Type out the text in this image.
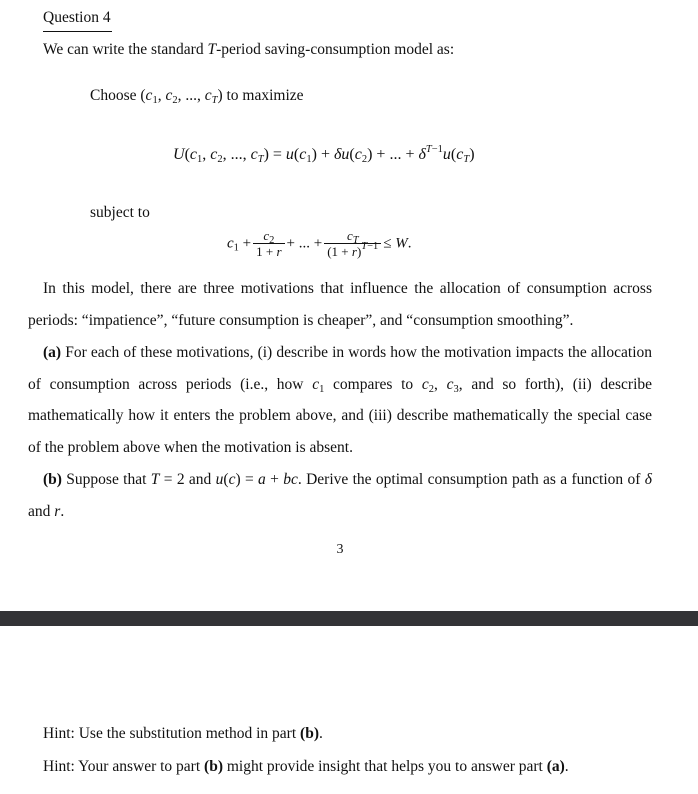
Question 4
We can write the standard T-period saving-consumption model as:
Choose ($c_1$, $c_2$, ..., $c_T$) to maximize
$U(c_1$, $c_2$, ..., $c_T) = u(c_1) + \delta u(c_2)$ + ... + $\delta^{T-1}u(c_T)$
subject to
$c_1 + \frac{c_2}{1 + r}$ + ... + $\frac{c_T}{(1 + r)^{T-1}} \le W$.
In this model, there are three motivations that influence the allocation of consumption across periods: “impatience”, “future consumption is cheaper”, and “consumption smoothing”.
(a) For each of these motivations, (i) describe in words how the motivation impacts the allocation of consumption across periods (i.e., how $c_1$ compares to $c_2$, $c_3$, and so forth), (ii) describe mathematically how it enters the problem above, and (iii) describe mathematically the special case of the problem above when the motivation is absent.
(b) Suppose that T = 2 and u(c) = a + bc. Derive the optimal consumption path as a function of δ and r.
3
Hint: Use the substitution method in part (b).
Hint: Your answer to part (b) might provide insight that helps you to answer part (a).
